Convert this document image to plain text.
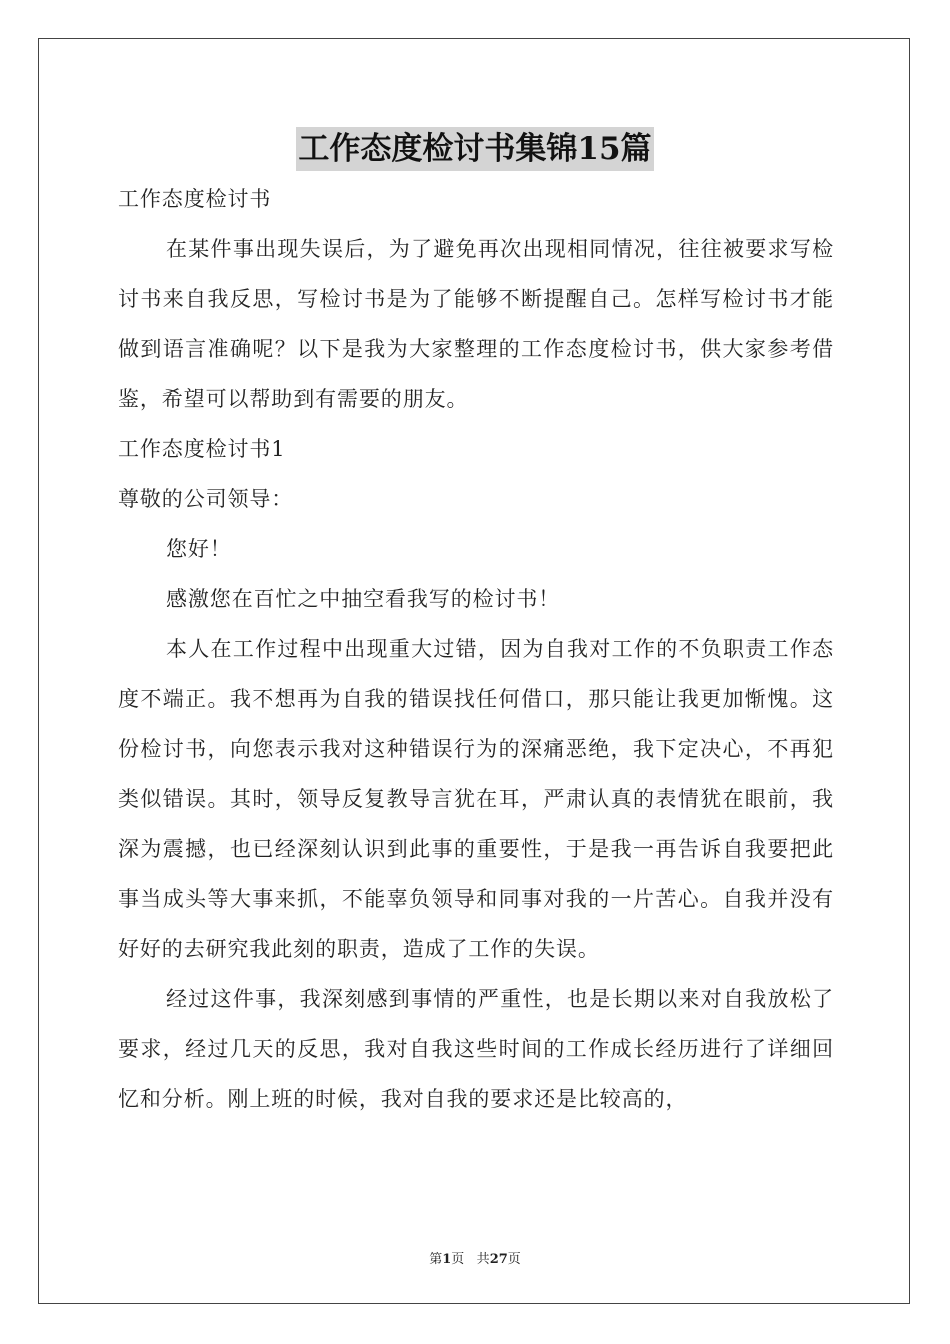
工作态度检讨书集锦15篇

工作态度检讨书

在某件事出现失误后，为了避免再次出现相同情况，往往被要求写检讨书来自我反思，写检讨书是为了能够不断提醒自己。怎样写检讨书才能做到语言准确呢？以下是我为大家整理的工作态度检讨书，供大家参考借鉴，希望可以帮助到有需要的朋友。

工作态度检讨书1

尊敬的公司领导：

您好！

感激您在百忙之中抽空看我写的检讨书！

本人在工作过程中出现重大过错，因为自我对工作的不负职责工作态度不端正。我不想再为自我的错误找任何借口，那只能让我更加惭愧。这份检讨书，向您表示我对这种错误行为的深痛恶绝，我下定决心，不再犯类似错误。其时，领导反复教导言犹在耳，严肃认真的表情犹在眼前，我深为震撼，也已经深刻认识到此事的重要性，于是我一再告诉自我要把此事当成头等大事来抓，不能辜负领导和同事对我的一片苦心。自我并没有好好的去研究我此刻的职责，造成了工作的失误。

经过这件事，我深刻感到事情的严重性，也是长期以来对自我放松了要求，经过几天的反思，我对自我这些时间的工作成长经历进行了详细回忆和分析。刚上班的时候，我对自我的要求还是比较高的，

第1页 共27页
